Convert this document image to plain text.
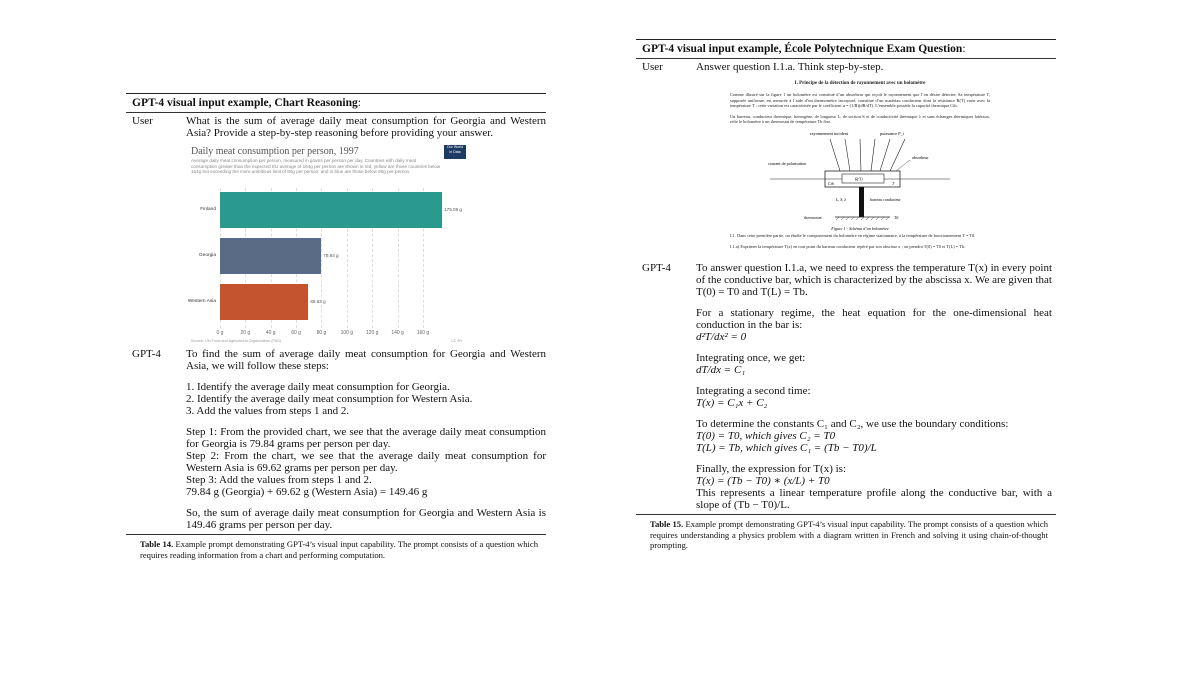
GPT-4 visual input example, Chart Reasoning:
User	What is the sum of average daily meat consumption for Georgia and Western Asia? Provide a step-by-step reasoning before providing your answer.
Daily meat consumption per person, 1997
Average daily meat consumption per person, measured in grams per person per day. Countries with daily meat consumption greater than the expected EU average of 164g per person are shown in red; yellow are those countries below 164g but exceeding the more ambitious limit of 80g per person; and in blue are those below 80g per person.
Our World
in Data
Source: UN Food and Agricultural Organization (FAO)	CC BY
0 g	20 g	40 g	60 g	80 g	100 g	120 g	140 g	160 g
Finland	175.09 g
Georgia	79.84 g
Western Asia	69.62 g
GPT-4	To find the sum of average daily meat consumption for Georgia and Western Asia, we will follow these steps:
1. Identify the average daily meat consumption for Georgia.
2. Identify the average daily meat consumption for Western Asia.
3. Add the values from steps 1 and 2.
Step 1: From the provided chart, we see that the average daily meat consumption for Georgia is 79.84 grams per person per day.
Step 2: From the chart, we see that the average daily meat consumption for Western Asia is 69.62 grams per person per day.
Step 3: Add the values from steps 1 and 2.
79.84 g (Georgia) + 69.62 g (Western Asia) = 149.46 g
So, the sum of average daily meat consumption for Georgia and Western Asia is 149.46 grams per person per day.
Table 14. Example prompt demonstrating GPT-4’s visual input capability. The prompt consists of a question which requires reading information from a chart and performing computation.
GPT-4 visual input example, École Polytechnique Exam Question:
User	Answer question I.1.a. Think step-by-step.
I. Principe de la détection de rayonnement avec un bolomètre

Comme illustré sur la figure 1 un bolomètre est constitué d’un absorbeur qui reçoit le rayonnement que l’on désire détecter. Sa température T, supposée uniforme, est mesurée à l’aide d’un thermomètre incorporé, constitué d’un matériau conducteur dont la résistance R(T) varie avec la température T ; cette variation est caractérisée par le coefficient α = (1/R)(dR/dT). L’ensemble possède la capacité thermique Cth.

Un barreau, conducteur thermique, homogène, de longueur L, de section S et de conductivité thermique λ et sans échanges thermiques latéraux, relie le bolomètre à un thermostat de température Tb fixe.

rayonnement incident	puissance P_i
absorbeur
courant de polarisation
R(T)
Cth	T
L, S, λ	barreau conducteur
thermostat	Tb
Figure 1 - Schéma d’un bolomètre

I.1. Dans cette première partie, on étudie le comportement du bolomètre en régime stationnaire, à la température de fonctionnement T = T0.

I.1.a) Exprimer la température T(x) en tout point du barreau conducteur repéré par son abscisse x ; on prendra T(0) = T0 et T(L) = Tb.

GPT-4	To answer question I.1.a, we need to express the temperature T(x) in every point of the conductive bar, which is characterized by the abscissa x. We are given that T(0) = T0 and T(L) = Tb.
For a stationary regime, the heat equation for the one-dimensional heat conduction in the bar is:
d²T/dx² = 0
Integrating once, we get:
dT/dx = C₁
Integrating a second time:
T(x) = C₁x + C₂
To determine the constants C₁ and C₂, we use the boundary conditions:
T(0) = T0, which gives C₂ = T0
T(L) = Tb, which gives C₁ = (Tb − T0)/L
Finally, the expression for T(x) is:
T(x) = (Tb − T0) ∗ (x/L) + T0
This represents a linear temperature profile along the conductive bar, with a slope of (Tb − T0)/L.
Table 15. Example prompt demonstrating GPT-4’s visual input capability. The prompt consists of a question which requires understanding a physics problem with a diagram written in French and solving it using chain-of-thought prompting.
